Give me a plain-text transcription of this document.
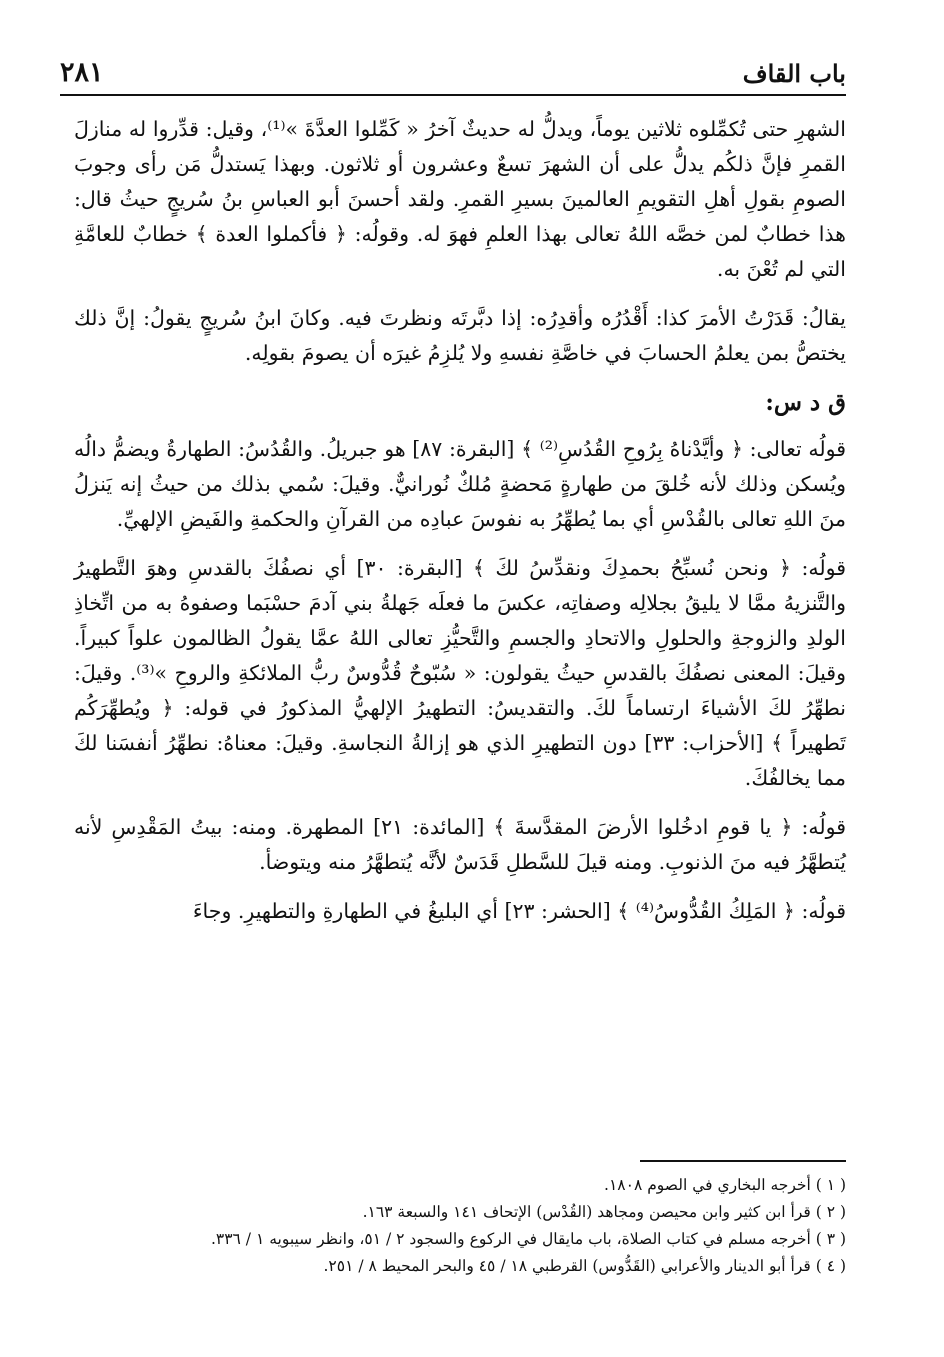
٢٨١	باب القاف

الشهرِ حتى تُكمِّلوه ثلاثين يوماً، ويدلُّ له حديثٌ آخرُ « كَمِّلوا العدَّةَ »⁽¹⁾، وقيل: قدِّروا له منازلَ القمرِ فإنَّ ذلكُم يدلُّ على أن الشهرَ تسعٌ وعشرون أو ثلاثون. وبهذا يَستدلُّ مَن رأى وجوبَ الصومِ بقولِ أهلِ التقويمِ العالمينَ بسيرِ القمرِ. ولقد أحسنَ أبو العباسِ بنُ سُريجٍ حيثُ قال: هذا خطابٌ لمن خصَّه اللهُ تعالى بهذا العلمِ فهوَ له. وقولُه: ﴿ فأكملوا العدة ﴾ خطابٌ للعامَّةِ التي لم تُعْنَ به.

يقالُ: قَدَرْتُ الأمرَ كذا: أَقْدُرُه وأقدِرُه: إذا دبَّرتَه ونظرتَ فيه. وكانَ ابنُ سُريجٍ يقولُ: إنَّ ذلك يختصُّ بمن يعلمُ الحسابَ في خاصَّةِ نفسهِ ولا يُلزِمُ غيرَه أن يصومَ بقولِه.

ق د س:

قولُه تعالى: ﴿ وأيَّدْناهُ بِرُوحِ القُدُسِ⁽²⁾ ﴾ [البقرة: ٨٧] هو جبريلُ. والقُدُسُ: الطهارةُ ويضمُّ دالُه ويُسكن وذلك لأنه خُلقَ من طهارةٍ مَحضةٍ مُلكٌ نُورانيٌّ. وقيلَ: سُمي بذلك من حيثُ إنه يَنزلُ منَ اللهِ تعالى بالقُدْسِ أي بما يُطهِّرُ به نفوسَ عبادِه من القرآنِ والحكمةِ والفَيضِ الإلهيِّ.

قولُه: ﴿ ونحن نُسبِّحُ بحمدِكَ ونقدِّسُ لكَ ﴾ [البقرة: ٣٠] أي نصفُكَ بالقدسِ وهوَ التَّطهيرُ والتَّنزيهُ ممَّا لا يليقُ بجلالِه وصفاتِه، عكسَ ما فعلَه جَهلةُ بني آدمَ حسْبَما وصفوهُ به من اتِّخاذِ الولدِ والزوجةِ والحلولِ والاتحادِ والجسمِ والتَّحيُّزِ تعالى اللهُ عمَّا يقولُ الظالمون علواً كبيراً. وقيلَ: المعنى نصفُكَ بالقدسِ حيثُ يقولون: « سُبّوحٌ قُدُّوسٌ ربُّ الملائكةِ والروحِ »⁽³⁾. وقيلَ: نطهِّرُ لكَ الأشياءَ ارتساماً لكَ. والتقديسُ: التطهيرُ الإلهيُّ المذكورُ في قوله: ﴿ ويُطهِّرَكُم تَطهيراً ﴾ [الأحزاب: ٣٣] دون التطهيرِ الذي هو إزالةُ النجاسةِ. وقيلَ: معناهُ: نطهِّرُ أنفسَنا لكَ مما يخالفُكَ.

قولُه: ﴿ يا قومِ ادخُلوا الأرضَ المقدَّسةَ ﴾ [المائدة: ٢١] المطهرة. ومنه: بيتُ المَقْدِسِ لأنه يُتطهَّرُ فيه منَ الذنوبِ. ومنه قيلَ للسَّطلِ قَدَسٌ لأنَّه يُتطهَّرُ منه ويتوضأ.

قولُه: ﴿ المَلِكُ القُدُّوسُ⁽⁴⁾ ﴾ [الحشر: ٢٣] أي البليغُ في الطهارةِ والتطهيرِ. وجاءَ

( ١ ) أخرجه البخاري في الصوم ١٨٠٨.
( ٢ ) قرأ ابن كثير وابن محيصن ومجاهد (القُدْس) الإتحاف ١٤١ والسبعة ١٦٣.
( ٣ ) أخرجه مسلم في كتاب الصلاة، باب مايقال في الركوع والسجود ٢ / ٥١، وانظر سيبويه ١ / ٣٣٦.
( ٤ ) قرأ أبو الدينار والأعرابي (القَدُّوس) القرطبي ١٨ / ٤٥ والبحر المحيط ٨ / ٢٥١.
